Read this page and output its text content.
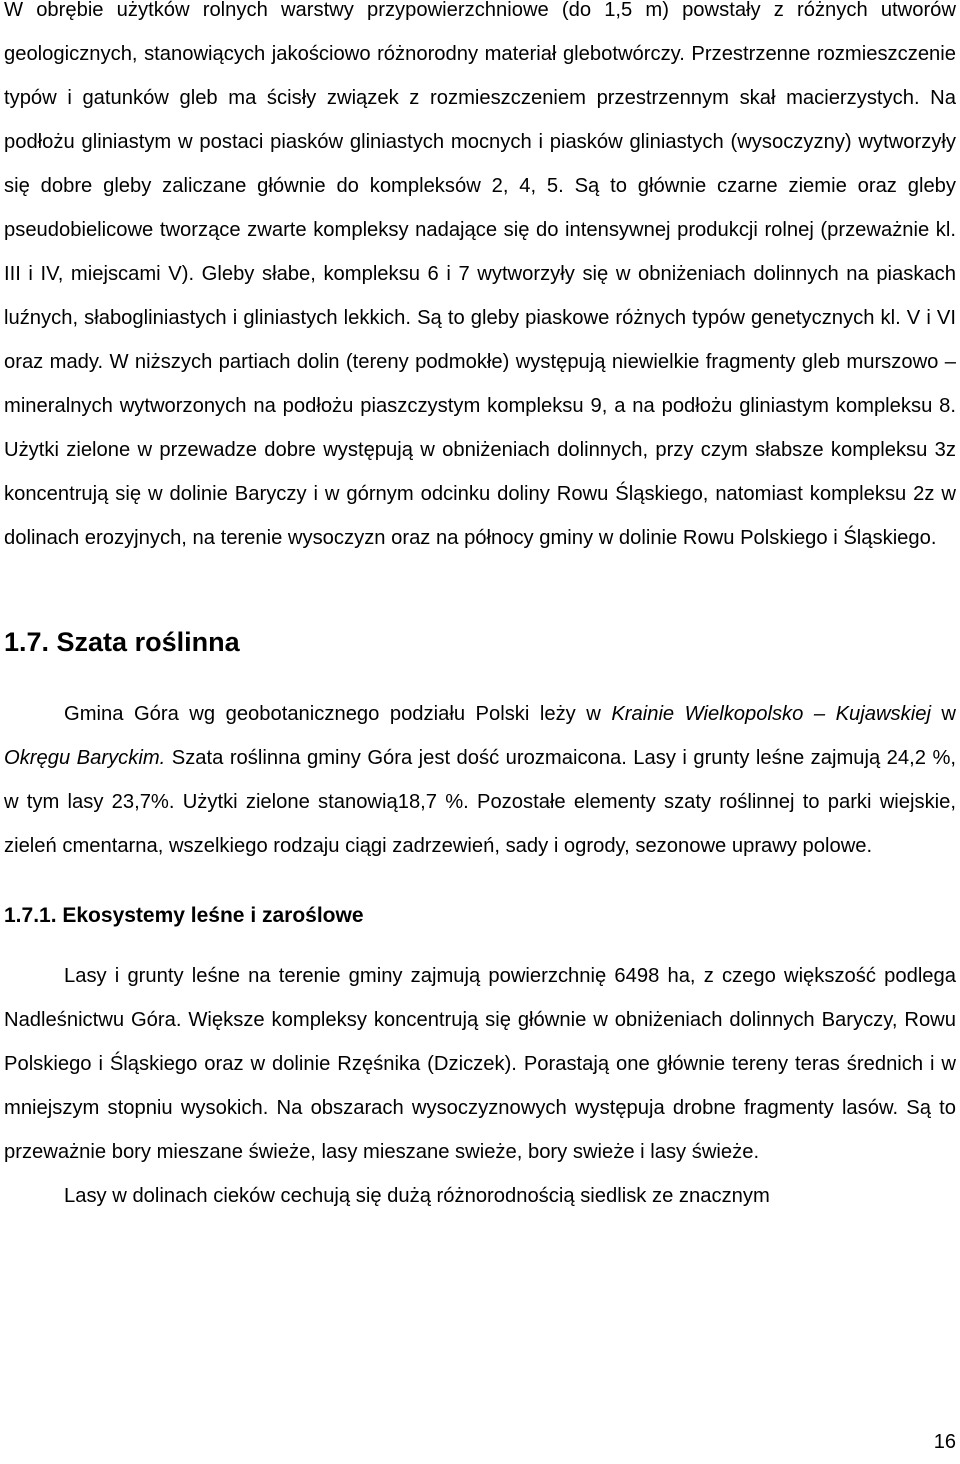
W obrębie użytków rolnych warstwy przypowierzchniowe (do 1,5 m) powstały z różnych utworów geologicznych, stanowiących jakościowo różnorodny materiał glebotwórczy. Przestrzenne rozmieszczenie typów i gatunków gleb ma ścisły związek z rozmieszczeniem przestrzennym skał macierzystych. Na podłożu gliniastym w postaci piasków gliniastych mocnych i piasków gliniastych (wysoczyzny) wytworzyły się dobre gleby zaliczane głównie do kompleksów 2, 4, 5. Są to głównie czarne ziemie oraz gleby pseudobielicowe tworzące zwarte kompleksy nadające się do intensywnej produkcji rolnej (przeważnie kl. III i IV, miejscami V). Gleby słabe, kompleksu 6 i 7 wytworzyły się w obniżeniach dolinnych na piaskach luźnych, słabogliniastych i gliniastych lekkich. Są to gleby piaskowe różnych typów genetycznych kl. V i VI oraz mady. W niższych partiach dolin (tereny podmokłe) występują niewielkie fragmenty gleb murszowo – mineralnych wytworzonych na podłożu piaszczystym kompleksu 9, a na podłożu gliniastym kompleksu 8. Użytki zielone w przewadze dobre występują w obniżeniach dolinnych, przy czym słabsze kompleksu 3z koncentrują się w dolinie Baryczy i w górnym odcinku doliny Rowu Śląskiego, natomiast kompleksu 2z w dolinach erozyjnych, na terenie wysoczyzn oraz na północy gminy w dolinie Rowu Polskiego i Śląskiego.

1.7. Szata roślinna

Gmina Góra wg geobotanicznego podziału Polski leży w Krainie Wielkopolsko – Kujawskiej w Okręgu Baryckim. Szata roślinna gminy Góra jest dość urozmaicona. Lasy i grunty leśne zajmują 24,2 %, w tym lasy 23,7%. Użytki zielone stanowią18,7 %. Pozostałe elementy szaty roślinnej to parki wiejskie, zieleń cmentarna, wszelkiego rodzaju ciągi zadrzewień, sady i ogrody, sezonowe uprawy polowe.

1.7.1. Ekosystemy leśne i zaroślowe

Lasy i grunty leśne na terenie gminy zajmują powierzchnię 6498 ha, z czego większość podlega Nadleśnictwu Góra. Większe kompleksy koncentrują się głównie w obniżeniach dolinnych Baryczy, Rowu Polskiego i Śląskiego oraz w dolinie Rzęśnika (Dziczek). Porastają one głównie tereny teras średnich i w mniejszym stopniu wysokich. Na obszarach wysoczyznowych występuja drobne fragmenty lasów. Są to przeważnie bory mieszane świeże, lasy mieszane swieże, bory swieże i lasy świeże.

Lasy w dolinach cieków cechują się dużą różnorodnością siedlisk ze znacznym

16
